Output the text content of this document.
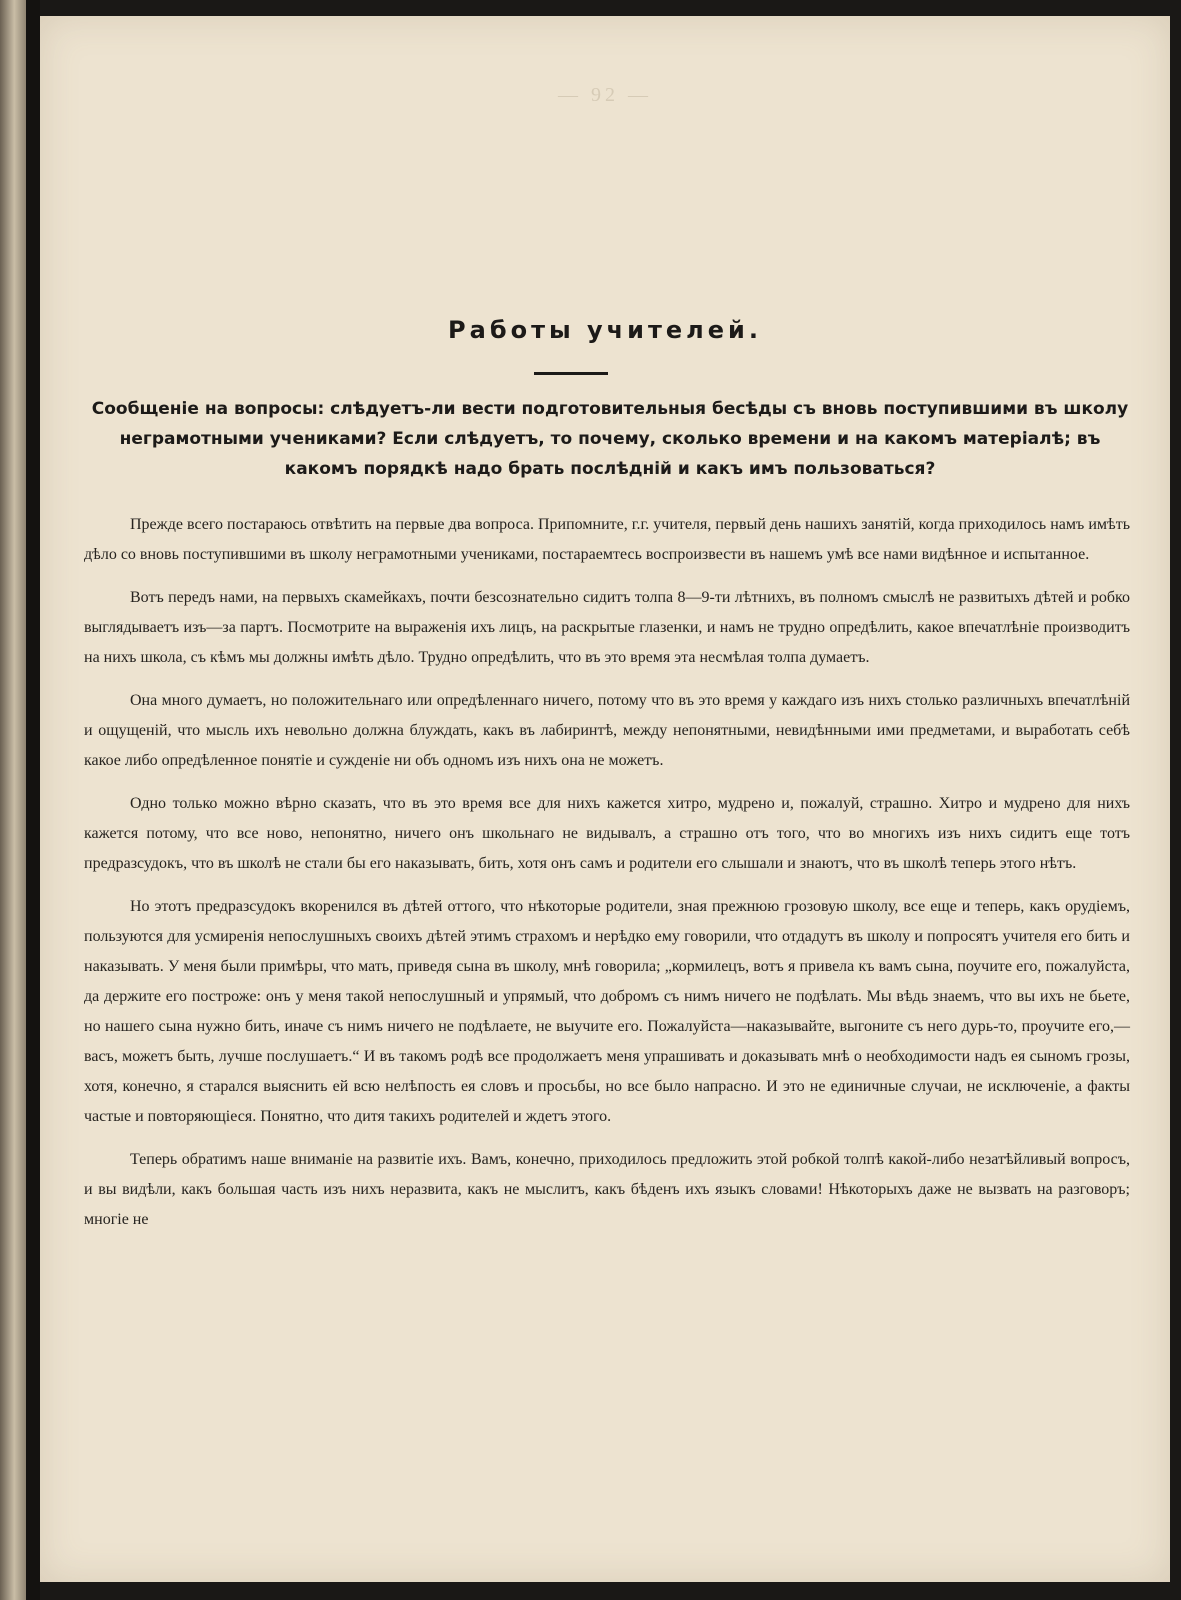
— 92 —
Работы учителей.
Сообщеніе на вопросы: слѣдуетъ-ли вести подготовительныя бесѣды съ вновь поступившими въ школу неграмотными учениками? Если слѣдуетъ, то почему, сколько времени и на какомъ матеріалѣ; въ какомъ порядкѣ надо брать послѣдній и какъ имъ пользоваться?

Прежде всего постараюсь отвѣтить на первые два вопроса. Припомните, г.г. учителя, первый день нашихъ занятій, когда приходилось намъ имѣть дѣло со вновь поступившими въ школу неграмотными учениками, постараемтесь воспроизвести въ нашемъ умѣ все нами видѣнное и испытанное.

Вотъ передъ нами, на первыхъ скамейкахъ, почти безсознательно сидитъ толпа 8—9-ти лѣтнихъ, въ полномъ смыслѣ не развитыхъ дѣтей и робко выглядываетъ изъ—за партъ. Посмотрите на выраженія ихъ лицъ, на раскрытые глазенки, и намъ не трудно опредѣлить, какое впечатлѣніе производитъ на нихъ школа, съ кѣмъ мы должны имѣть дѣло. Трудно опредѣлить, что въ это время эта несмѣлая толпа думаетъ.

Она много думаетъ, но положительнаго или опредѣленнаго ничего, потому что въ это время у каждаго изъ нихъ столько различныхъ впечатлѣній и ощущеній, что мысль ихъ невольно должна блуждать, какъ въ лабиринтѣ, между непонятными, невидѣнными ими предметами, и выработать себѣ какое либо опредѣленное понятіе и сужденіе ни объ одномъ изъ нихъ она не можетъ.

Одно только можно вѣрно сказать, что въ это время все для нихъ кажется хитро, мудрено и, пожалуй, страшно. Хитро и мудрено для нихъ кажется потому, что все ново, непонятно, ничего онъ школьнаго не видывалъ, а страшно отъ того, что во многихъ изъ нихъ сидитъ еще тотъ предразсудокъ, что въ школѣ не стали бы его наказывать, бить, хотя онъ самъ и родители его слышали и знаютъ, что въ школѣ теперь этого нѣтъ.

Но этотъ предразсудокъ вкоренился въ дѣтей оттого, что нѣкоторые родители, зная прежнюю грозовую школу, все еще и теперь, какъ орудіемъ, пользуются для усмиренія непослушныхъ своихъ дѣтей этимъ страхомъ и нерѣдко ему говорили, что отдадутъ въ школу и попросятъ учителя его бить и наказывать. У меня были примѣры, что мать, приведя сына въ школу, мнѣ говорила; „кормилецъ, вотъ я привела къ вамъ сына, поучите его, пожалуйста, да держите его построже: онъ у меня такой непослушный и упрямый, что добромъ съ нимъ ничего не подѣлать. Мы вѣдь знаемъ, что вы ихъ не бьете, но нашего сына нужно бить, иначе съ нимъ ничего не подѣлаете, не выучите его. Пожалуйста—наказывайте, выгоните съ него дурь-то, проучите его,—васъ, можетъ быть, лучше послушаетъ.“ И въ такомъ родѣ все продолжаетъ меня упрашивать и доказывать мнѣ о необходимости надъ ея сыномъ грозы, хотя, конечно, я старался выяснить ей всю нелѣпость ея словъ и просьбы, но все было напрасно. И это не единичные случаи, не исключеніе, а факты частые и повторяющіеся. Понятно, что дитя такихъ родителей и ждетъ этого.

Теперь обратимъ наше вниманіе на развитіе ихъ. Вамъ, конечно, приходилось предложить этой робкой толпѣ какой-либо незатѣйливый вопросъ, и вы видѣли, какъ большая часть изъ нихъ неразвита, какъ не мыслитъ, какъ бѣденъ ихъ языкъ словами! Нѣкоторыхъ даже не вызвать на разговоръ; многіе не
